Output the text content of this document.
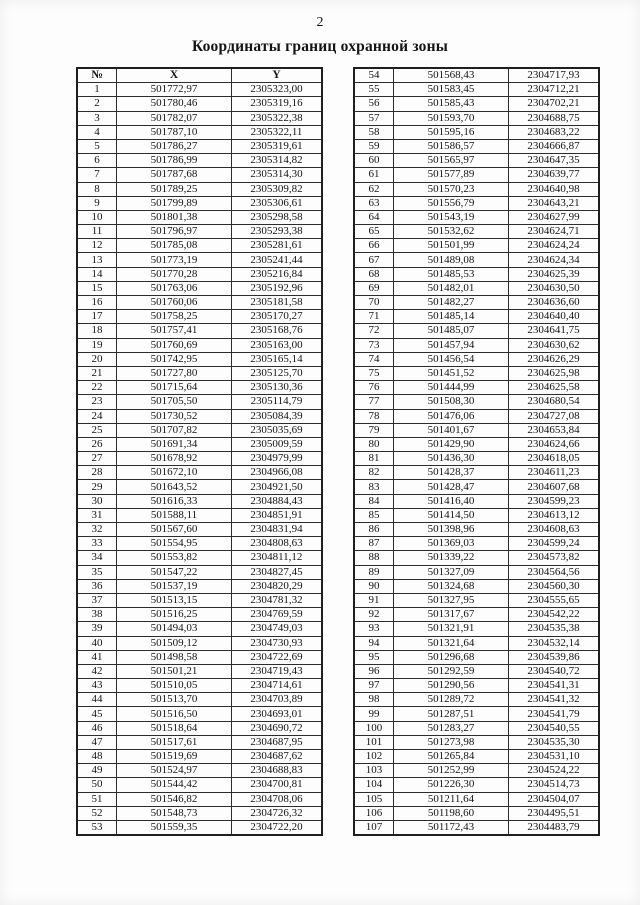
2
Координаты границ охранной зоны
№	X	Y
1	501772,97	2305323,00
2	501780,46	2305319,16
3	501782,07	2305322,38
4	501787,10	2305322,11
5	501786,27	2305319,61
6	501786,99	2305314,82
7	501787,68	2305314,30
8	501789,25	2305309,82
9	501799,89	2305306,61
10	501801,38	2305298,58
11	501796,97	2305293,38
12	501785,08	2305281,61
13	501773,19	2305241,44
14	501770,28	2305216,84
15	501763,06	2305192,96
16	501760,06	2305181,58
17	501758,25	2305170,27
18	501757,41	2305168,76
19	501760,69	2305163,00
20	501742,95	2305165,14
21	501727,80	2305125,70
22	501715,64	2305130,36
23	501705,50	2305114,79
24	501730,52	2305084,39
25	501707,82	2305035,69
26	501691,34	2305009,59
27	501678,92	2304979,99
28	501672,10	2304966,08
29	501643,52	2304921,50
30	501616,33	2304884,43
31	501588,11	2304851,91
32	501567,60	2304831,94
33	501554,95	2304808,63
34	501553,82	2304811,12
35	501547,22	2304827,45
36	501537,19	2304820,29
37	501513,15	2304781,32
38	501516,25	2304769,59
39	501494,03	2304749,03
40	501509,12	2304730,93
41	501498,58	2304722,69
42	501501,21	2304719,43
43	501510,05	2304714,61
44	501513,70	2304703,89
45	501516,50	2304693,01
46	501518,64	2304690,72
47	501517,61	2304687,95
48	501519,69	2304687,62
49	501524,97	2304688,83
50	501544,42	2304700,81
51	501546,82	2304708,06
52	501548,73	2304726,32
53	501559,35	2304722,20
54	501568,43	2304717,93
55	501583,45	2304712,21
56	501585,43	2304702,21
57	501593,70	2304688,75
58	501595,16	2304683,22
59	501586,57	2304666,87
60	501565,97	2304647,35
61	501577,89	2304639,77
62	501570,23	2304640,98
63	501556,79	2304643,21
64	501543,19	2304627,99
65	501532,62	2304624,71
66	501501,99	2304624,24
67	501489,08	2304624,34
68	501485,53	2304625,39
69	501482,01	2304630,50
70	501482,27	2304636,60
71	501485,14	2304640,40
72	501485,07	2304641,75
73	501457,94	2304630,62
74	501456,54	2304626,29
75	501451,52	2304625,98
76	501444,99	2304625,58
77	501508,30	2304680,54
78	501476,06	2304727,08
79	501401,67	2304653,84
80	501429,90	2304624,66
81	501436,30	2304618,05
82	501428,37	2304611,23
83	501428,47	2304607,68
84	501416,40	2304599,23
85	501414,50	2304613,12
86	501398,96	2304608,63
87	501369,03	2304599,24
88	501339,22	2304573,82
89	501327,09	2304564,56
90	501324,68	2304560,30
91	501327,95	2304555,65
92	501317,67	2304542,22
93	501321,91	2304535,38
94	501321,64	2304532,14
95	501296,68	2304539,86
96	501292,59	2304540,72
97	501290,56	2304541,31
98	501289,72	2304541,32
99	501287,51	2304541,79
100	501283,27	2304540,55
101	501273,98	2304535,30
102	501265,84	2304531,10
103	501252,99	2304524,22
104	501226,30	2304514,73
105	501211,64	2304504,07
106	501198,60	2304495,51
107	501172,43	2304483,79
